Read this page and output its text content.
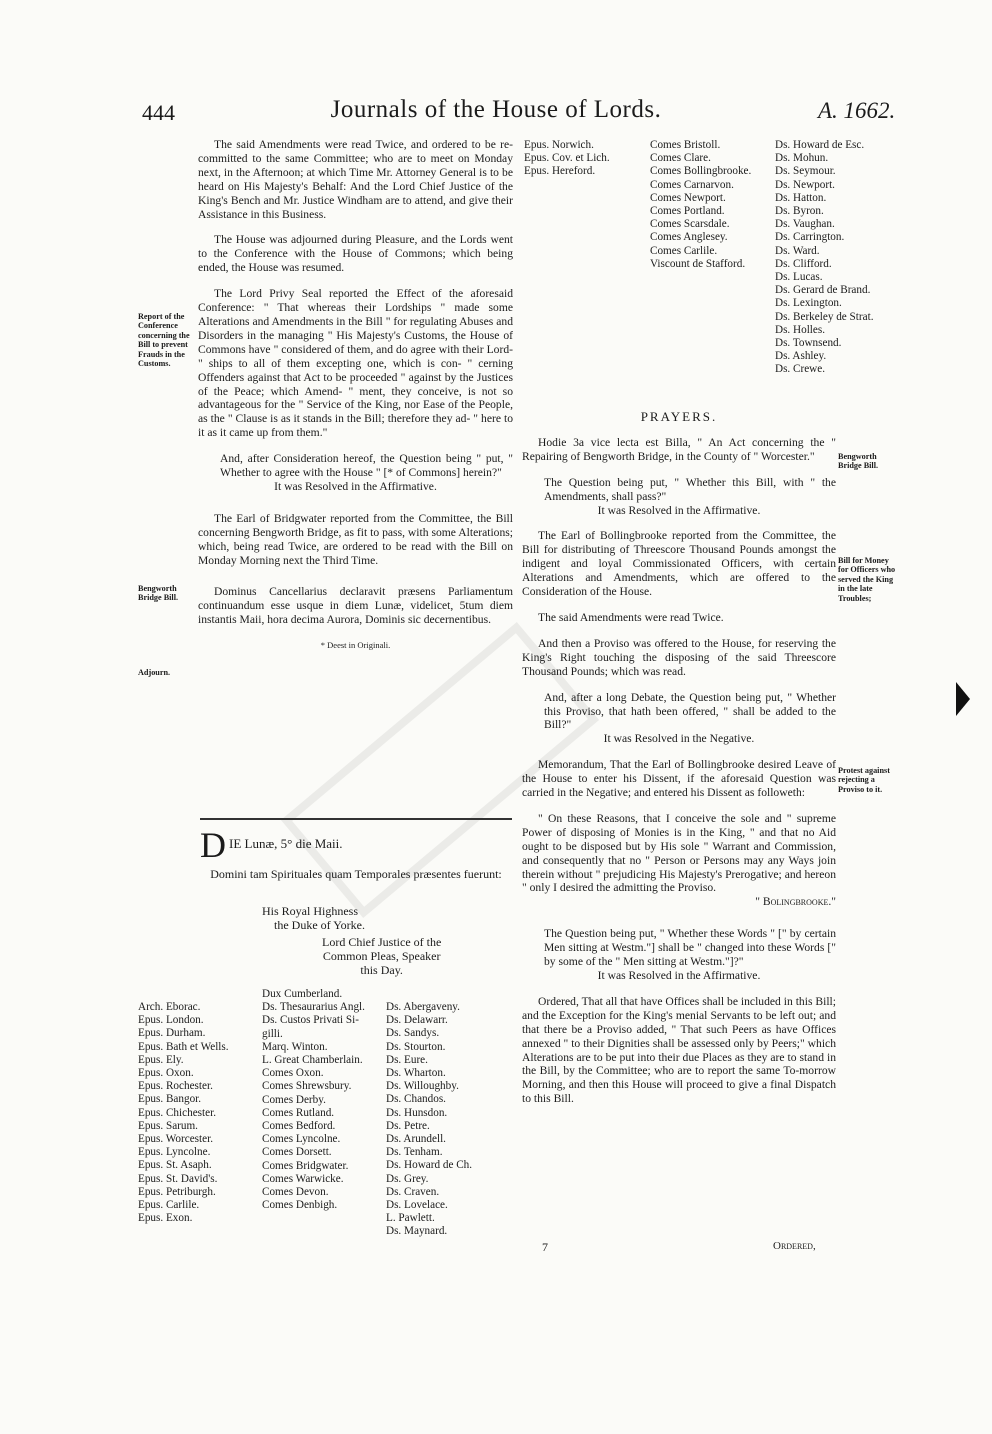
444	Journals of the House of Lords.	A. 1662.

The said Amendments were read Twice, and ordered to be re-committed to the same Committee; who are to meet on Monday next, in the Afternoon; at which Time Mr. Attorney General is to be heard on His Majesty's Behalf: And the Lord Chief Justice of the King's Bench and Mr. Justice Windham are to attend, and give their Assistance in this Business.

The House was adjourned during Pleasure, and the Lords went to the Conference with the House of Commons; which being ended, the House was resumed.

The Lord Privy Seal reported the Effect of the aforesaid Conference: " That whereas their Lordships " made some Alterations and Amendments in the Bill " for regulating Abuses and Disorders in the managing " His Majesty's Customs, the House of Commons have " considered of them, and do agree with their Lord- " ships to all of them excepting one, which is con- " cerning Offenders against that Act to be proceeded " against by the Justices of the Peace; which Amend- " ment, they conceive, is not so advantageous for the " Service of the King, nor Ease of the People, as the " Clause is as it stands in the Bill; therefore they ad- " here to it as it came up from them."

And, after Consideration hereof, the Question being " put, " Whether to agree with the House " [* of Commons] herein?"

It was Resolved in the Affirmative.

The Earl of Bridgwater reported from the Committee, the Bill concerning Bengworth Bridge, as fit to pass, with some Alterations; which, being read Twice, are ordered to be read with the Bill on Monday Morning next the Third Time.

Dominus Cancellarius declaravit præsens Parliamentum continuandum esse usque in diem Lunæ, videlicet, 5tum diem instantis Maii, hora decima Aurora, Dominis sic decernentibus.

* Deest in Originali.

Report of the Conference concerning the Bill to prevent Frauds in the Customs.
Bengworth Bridge Bill.
Adjourn.
Bengworth Bridge Bill.
Bill for Money for Officers who served the King in the late Troubles;
Protest against rejecting a Proviso to it.
D IE Lunæ, 5° die Maii.

Domini tam Spirituales quam Temporales præsentes fuerunt:

His Royal Highness
the Duke of Yorke.
Lord Chief Justice of the
Common Pleas, Speaker
this Day.
Arch. Eborac.
Epus. London.
Epus. Durham.
Epus. Bath et Wells.
Epus. Ely.
Epus. Oxon.
Epus. Rochester.
Epus. Bangor.
Epus. Chichester.
Epus. Sarum.
Epus. Worcester.
Epus. Lyncolne.
Epus. St. Asaph.
Epus. St. David's.
Epus. Petriburgh.
Epus. Carlile.
Epus. Exon.
Dux Cumberland.
Ds. Thesaurarius Angl.
Ds. Custos Privati Si-
gilli.
Marq. Winton.
L. Great Chamberlain.
Comes Oxon.
Comes Shrewsbury.
Comes Derby.
Comes Rutland.
Comes Bedford.
Comes Lyncolne.
Comes Dorsett.
Comes Bridgwater.
Comes Warwicke.
Comes Devon.
Comes Denbigh.
Ds. Abergaveny.
Ds. Delawarr.
Ds. Sandys.
Ds. Stourton.
Ds. Eure.
Ds. Wharton.
Ds. Willoughby.
Ds. Chandos.
Ds. Hunsdon.
Ds. Petre.
Ds. Arundell.
Ds. Tenham.
Ds. Howard de Ch.
Ds. Grey.
Ds. Craven.
Ds. Lovelace.
L. Pawlett.
Ds. Maynard.
Epus. Norwich.
Epus. Cov. et Lich.
Epus. Hereford.
Comes Bristoll.
Comes Clare.
Comes Bollingbrooke.
Comes Carnarvon.
Comes Newport.
Comes Portland.
Comes Scarsdale.
Comes Anglesey.
Comes Carlile.
Viscount de Stafford.
Ds. Howard de Esc.
Ds. Mohun.
Ds. Seymour.
Ds. Newport.
Ds. Hatton.
Ds. Byron.
Ds. Vaughan.
Ds. Carrington.
Ds. Ward.
Ds. Clifford.
Ds. Lucas.
Ds. Gerard de Brand.
Ds. Lexington.
Ds. Berkeley de Strat.
Ds. Holles.
Ds. Townsend.
Ds. Ashley.
Ds. Crewe.

PRAYERS.

Hodie 3a vice lecta est Billa, " An Act concerning the " Repairing of Bengworth Bridge, in the County of " Worcester."

The Question being put, " Whether this Bill, with " the Amendments, shall pass?"

It was Resolved in the Affirmative.

The Earl of Bollingbrooke reported from the Committee, the Bill for distributing of Threescore Thousand Pounds amongst the indigent and loyal Commissionated Officers, with certain Alterations and Amendments, which are offered to the Consideration of the House.

The said Amendments were read Twice.

And then a Proviso was offered to the House, for reserving the King's Right touching the disposing of the said Threescore Thousand Pounds; which was read.

And, after a long Debate, the Question being put, " Whether this Proviso, that hath been offered, " shall be added to the Bill?"

It was Resolved in the Negative.

Memorandum, That the Earl of Bollingbrooke desired Leave of the House to enter his Dissent, if the aforesaid Question was carried in the Negative; and entered his Dissent as followeth:

" On these Reasons, that I conceive the sole and " supreme Power of disposing of Monies is in the King, " and that no Aid ought to be disposed but by His sole " Warrant and Commission, and consequently that no " Person or Persons may any Ways join therein without " prejudicing His Majesty's Prerogative; and hereon " only I desired the admitting the Proviso.

" Bolingbrooke."

The Question being put, " Whether these Words " [" by certain Men sitting at Westm."] shall be " changed into these Words [" by some of the " Men sitting at Westm."]?"

It was Resolved in the Affirmative.

Ordered, That all that have Offices shall be included in this Bill; and the Exception for the King's menial Servants to be left out; and that there be a Proviso added, " That such Peers as have Offices annexed " to their Dignities shall be assessed only by Peers;" which Alterations are to be put into their due Places as they are to stand in the Bill, by the Committee; who are to report the same To-morrow Morning, and then this House will proceed to give a final Dispatch to this Bill.

7	Ordered,
